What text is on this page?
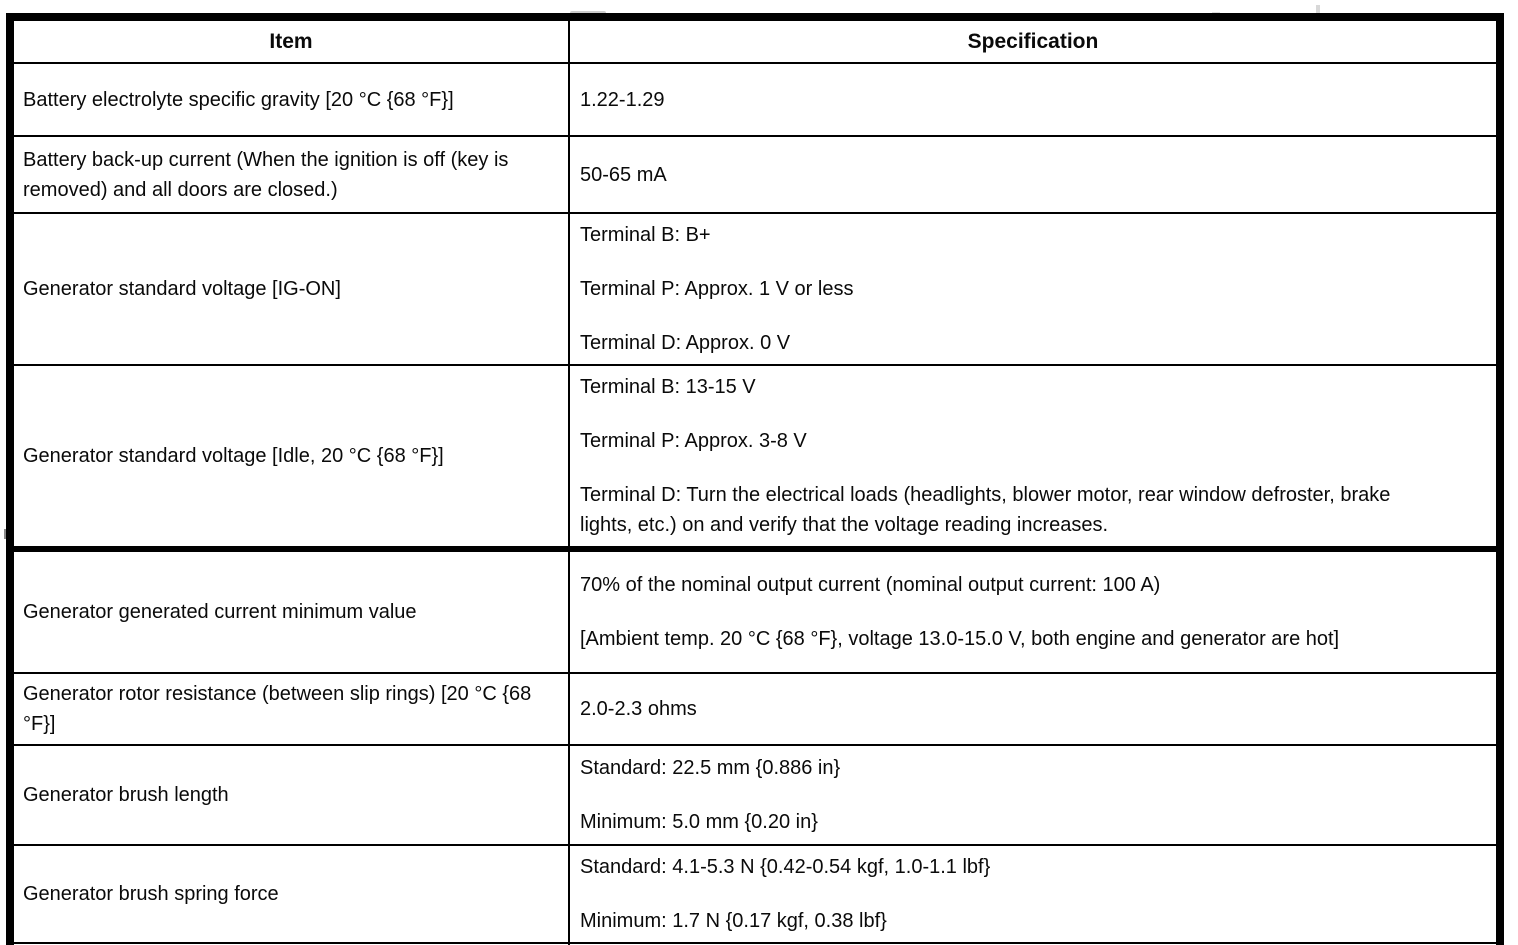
Item	Specification

Battery electrolyte specific gravity [20 °C {68 °F}]	1.22-1.29

Battery back-up current (When the ignition is off (key is removed) and all doors are closed.)	50-65 mA

Generator standard voltage [IG-ON]	Terminal B: B+

Terminal P: Approx. 1 V or less

Terminal D: Approx. 0 V

Generator standard voltage [Idle, 20 °C {68 °F}]	Terminal B: 13-15 V

Terminal P: Approx. 3-8 V

Terminal D: Turn the electrical loads (headlights, blower motor, rear window defroster, brake lights, etc.) on and verify that the voltage reading increases.

Generator generated current minimum value	70% of the nominal output current (nominal output current: 100 A)

[Ambient temp. 20 °C {68 °F}, voltage 13.0-15.0 V, both engine and generator are hot]

Generator rotor resistance (between slip rings) [20 °C {68 °F}]	2.0-2.3 ohms

Generator brush length	Standard: 22.5 mm {0.886 in}

Minimum: 5.0 mm {0.20 in}

Generator brush spring force	Standard: 4.1-5.3 N {0.42-0.54 kgf, 1.0-1.1 lbf}

Minimum: 1.7 N {0.17 kgf, 0.38 lbf}
